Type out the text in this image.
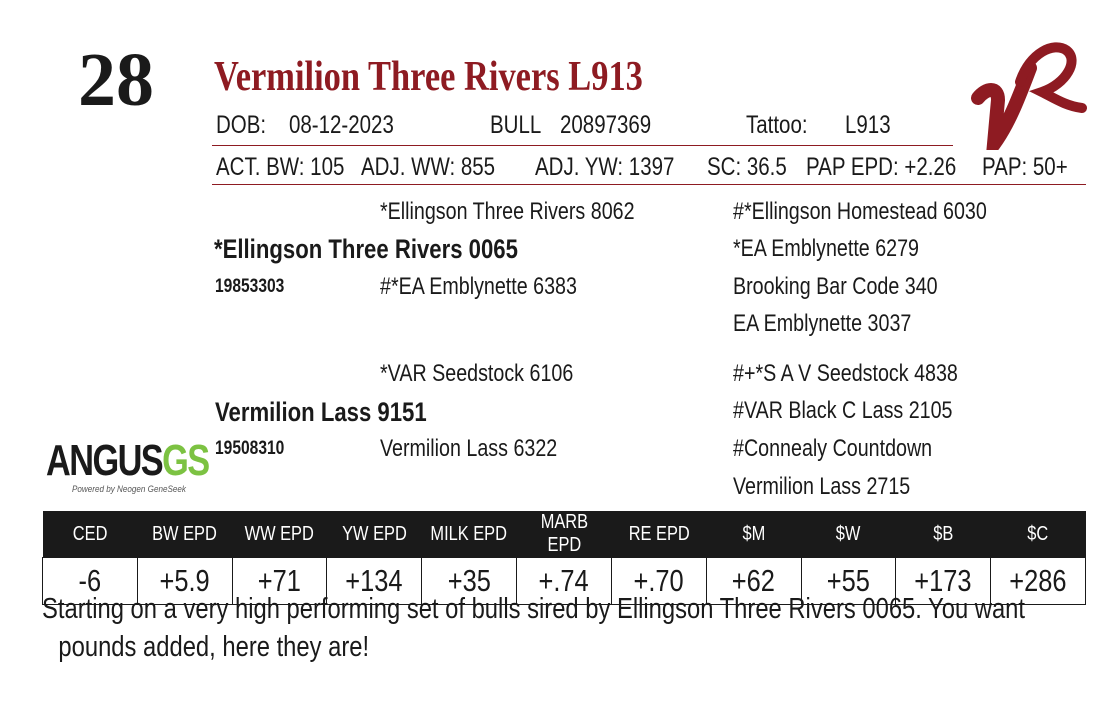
28 Vermilion Three Rivers L913
DOB: 08-12-2023	BULL 20897369	Tattoo: L913
ACT. BW: 105 ADJ. WW: 855 ADJ. YW: 1397 SC: 36.5 PAP EPD: +2.26 PAP: 50+
*Ellingson Three Rivers 8062	#*Ellingson Homestead 6030
*Ellingson Three Rivers 0065	*EA Emblynette 6279
19853303	#*EA Emblynette 6383	Brooking Bar Code 340
EA Emblynette 3037
*VAR Seedstock 6106	#+*S A V Seedstock 4838
Vermilion Lass 9151	#VAR Black C Lass 2105
19508310	Vermilion Lass 6322	#Connealy Countdown
Vermilion Lass 2715
ANGUSGS
Powered by Neogen GeneSeek
CED	BW EPD	WW EPD	YW EPD	MILK EPD	MARB EPD	RE EPD	$M	$W	$B	$C
-6	+5.9	+71	+134	+35	+.74	+.70	+62	+55	+173	+286
Starting on a very high performing set of bulls sired by Ellingson Three Rivers 0065. You want pounds added, here they are!
